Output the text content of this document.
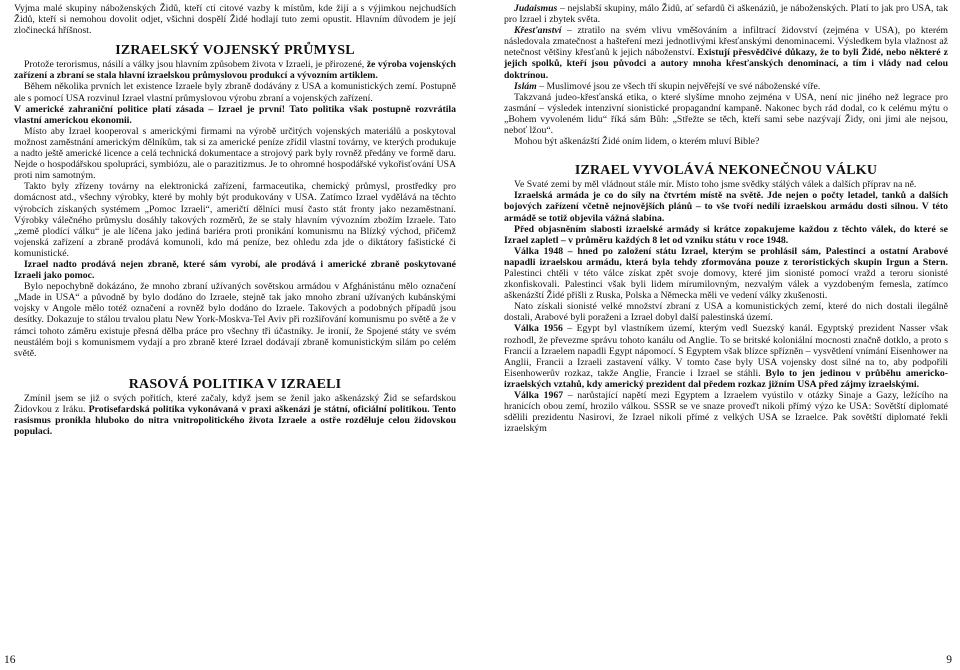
Vyjma malé skupiny náboženských Židů, kteří ctí citové vazby k místům, kde žijí a s výjimkou nejchudších Židů, kteří si nemohou dovolit odjet, všichni dospělí Židé hodlají tuto zemi opustit. Hlavním důvodem je její zločinecká hříšnost.

IZRAELSKÝ VOJENSKÝ PRŮMYSL

Protože terorismus, násilí a války jsou hlavním způsobem života v Izraeli, je přirozené, že výroba vojenských zařízení a zbraní se stala hlavní izraelskou průmyslovou produkcí a vývozním artiklem.

Během několika prvních let existence Izraele byly zbraně dodávány z USA a komunistických zemí. Postupně ale s pomocí USA rozvinul Izrael vlastní průmyslovou výrobu zbraní a vojenských zařízení.

V americké zahraniční politice platí zásada – Izrael je první! Tato politika však postupně rozvrátila vlastní americkou ekonomii.

Místo aby Izrael kooperoval s americkými firmami na výrobě určitých vojenských materiálů a poskytoval možnost zaměstnání americkým dělníkům, tak si za americké peníze zřídil vlastní továrny, ve kterých produkuje a nadto ještě americké licence a celá technická dokumentace a strojový park byly rovněž předány ve formě daru. Nejde o hospodářskou spolupráci, symbiózu, ale o parazitizmus. Je to ohromné hospodářské vykořisťování USA proti nim samotným.

Takto byly zřízeny továrny na elektronická zařízení, farmaceutika, chemický průmysl, prostředky pro domácnost atd., všechny výrobky, které by mohly být produkovány v USA. Zatímco Izrael vydělává na těchto výrobcích získaných systémem „Pomoc Izraeli“, američtí dělníci musí často stát fronty jako nezaměstnaní. Výrobky válečného průmyslu dosáhly takových rozměrů, že se staly hlavním vývozním zbožím Izraele. Tato „země plodící válku“ je ale líčena jako jediná bariéra proti pronikání komunismu na Blízký východ, přičemž vojenská zařízení a zbraně prodává komunoli, kdo má peníze, bez ohledu zda jde o diktátory fašistické či komunistické.

Izrael nadto prodává nejen zbraně, které sám vyrobí, ale prodává i americké zbraně poskytované Izraeli jako pomoc.

Bylo nepochybně dokázáno, že mnoho zbraní užívaných sovětskou armádou v Afghánistánu mělo označení „Made in USA“ a původně by bylo dodáno do Izraele, stejně tak jako mnoho zbraní užívaných kubánskými vojsky v Angole mělo totéž označení a rovněž bylo dodáno do Izraele. Takových a podobných případů jsou desítky. Dokazuje to stálou trvalou platu New York-Moskva-Tel Aviv při rozšiřování komunismu po světě a že v rámci tohoto záměru existuje přesná dělba práce pro všechny tři účastníky. Je ironií, že Spojené státy ve svém neustálém boji s komunismem vydají a pro zbraně které Izrael dodávají zbraně komunistickým silám po celém světě.

RASOVÁ POLITIKA V IZRAELI

Zmínil jsem se již o svých pořitích, které začaly, když jsem se ženil jako aškenázský Žid se sefardskou Židovkou z Iráku. Protisefardská politika vykonávaná v praxi aškenázi je státní, oficiální politikou. Tento rasismus pronikla hluboko do nitra vnitropolitického života Izraele a ostře rozděluje celou židovskou populaci.

16

Judaismus – nejslabší skupiny, málo Židů, ať sefardů či aškenáziů, je náboženských. Platí to jak pro USA, tak pro Izrael i zbytek světa.

Křesťanství – ztratilo na svém vlivu vměšováním a infiltrací židovství (zejména v USA), po kterém následovala zmatečnost a hašteření mezi jednotlivými křesťanskými denominacemi. Výsledkem byla vlažnost až netečnost většiny křesťanů k jejich náboženství. Existují přesvědčivé důkazy, že to byli Židé, nebo některé z jejich spolků, kteří jsou původci a autory mnoha křesťanských denominací, a tím i vlády nad celou doktrínou.

Islám – Muslimové jsou ze všech tří skupin nejvěřejší ve své náboženské víře.

Takzvaná judeo-křesťanská etika, o které slyšíme mnoho zejména v USA, není nic jiného než legrace pro zasmání – výsledek intenzivní sionistické propagandní kampaně. Nakonec bych rád dodal, co k celému mýtu o „Bohem vyvoleném lidu“ říká sám Bůh: „Střežte se těch, kteří sami sebe nazývají Židy, oni jimi ale nejsou, neboť lžou“.

Mohou být aškenázští Židé oním lidem, o kterém mluví Bible?

IZRAEL VYVOLÁVÁ NEKONEČNOU VÁLKU

Ve Svaté zemi by měl vládnout stále mír. Místo toho jsme svědky stálých válek a dalších příprav na ně.

Izraelská armáda je co do síly na čtvrtém místě na světě. Jde nejen o počty letadel, tanků a dalších bojových zařízení včetně nejnovějších plánů – to vše tvoří nedílí izraelskou armádu dosti silnou. V této armádě se totiž objevila vážná slabina.

Před objasněním slabosti izraelské armády si krátce zopakujeme každou z těchto válek, do které se Izrael zapletl – v průměru každých 8 let od vzniku státu v roce 1948.

Válka 1948 – hned po založení státu Izrael, kterým se prohlásil sám, Palestinci a ostatní Arabové napadli izraelskou armádu, která byla tehdy zformována pouze z teroristických skupin Irgun a Stern. Palestinci chtěli v této válce získat zpět svoje domovy, které jim sionisté pomocí vražd a teroru sionisté zkonfiskovali. Palestinci však byli lidem mírumilovným, nezvalým válek a vyzdobeným femesla, zatímco aškenázští Židé přišli z Ruska, Polska a Německa měli ve vedení války zkušenosti.

Nato získali sionisté velké množství zbraní z USA a komunistických zemí, které do nich dostali ilegálně dostali, Arabové byli poraženi a Izrael dobyl další palestinská území.

Válka 1956 – Egypt byl vlastníkem území, kterým vedl Suezský kanál. Egyptský prezident Nasser však rozhodl, že převezme správu tohoto kanálu od Anglie. To se britské koloniální mocnosti značně dotklo, a proto s Francií a Izraelem napadli Egypt nápomocí. S Egyptem však blízce spřízněn – vysvětlení vnímání Eisenhower na Anglii, Francii a Izraeli zastavení války. V tomto čase byly USA vojensky dost silné na to, aby podpořili Eisenhowerův rozkaz, takže Anglie, Francie i Izrael se stáhli. Bylo to jen jedinou v průběhu americko-izraelských vztahů, kdy americký prezident dal předem rozkaz jižním USA před zájmy izraelskými.

Válka 1967 – narůstající napětí mezi Egyptem a Izraelem vyústilo v otázky Sinaje a Gazy, ležícího na hranicích obou zemí, hrozilo válkou. SSSR se ve snaze proveďt nikoli přímý výzo ke USA: Sovětští diplomaté sdělili prezidentu Nasirovi, že Izrael nikoli přímé z velkých USA se Izraelce. Pak sovětští diplomaté řekli izraelským

9
